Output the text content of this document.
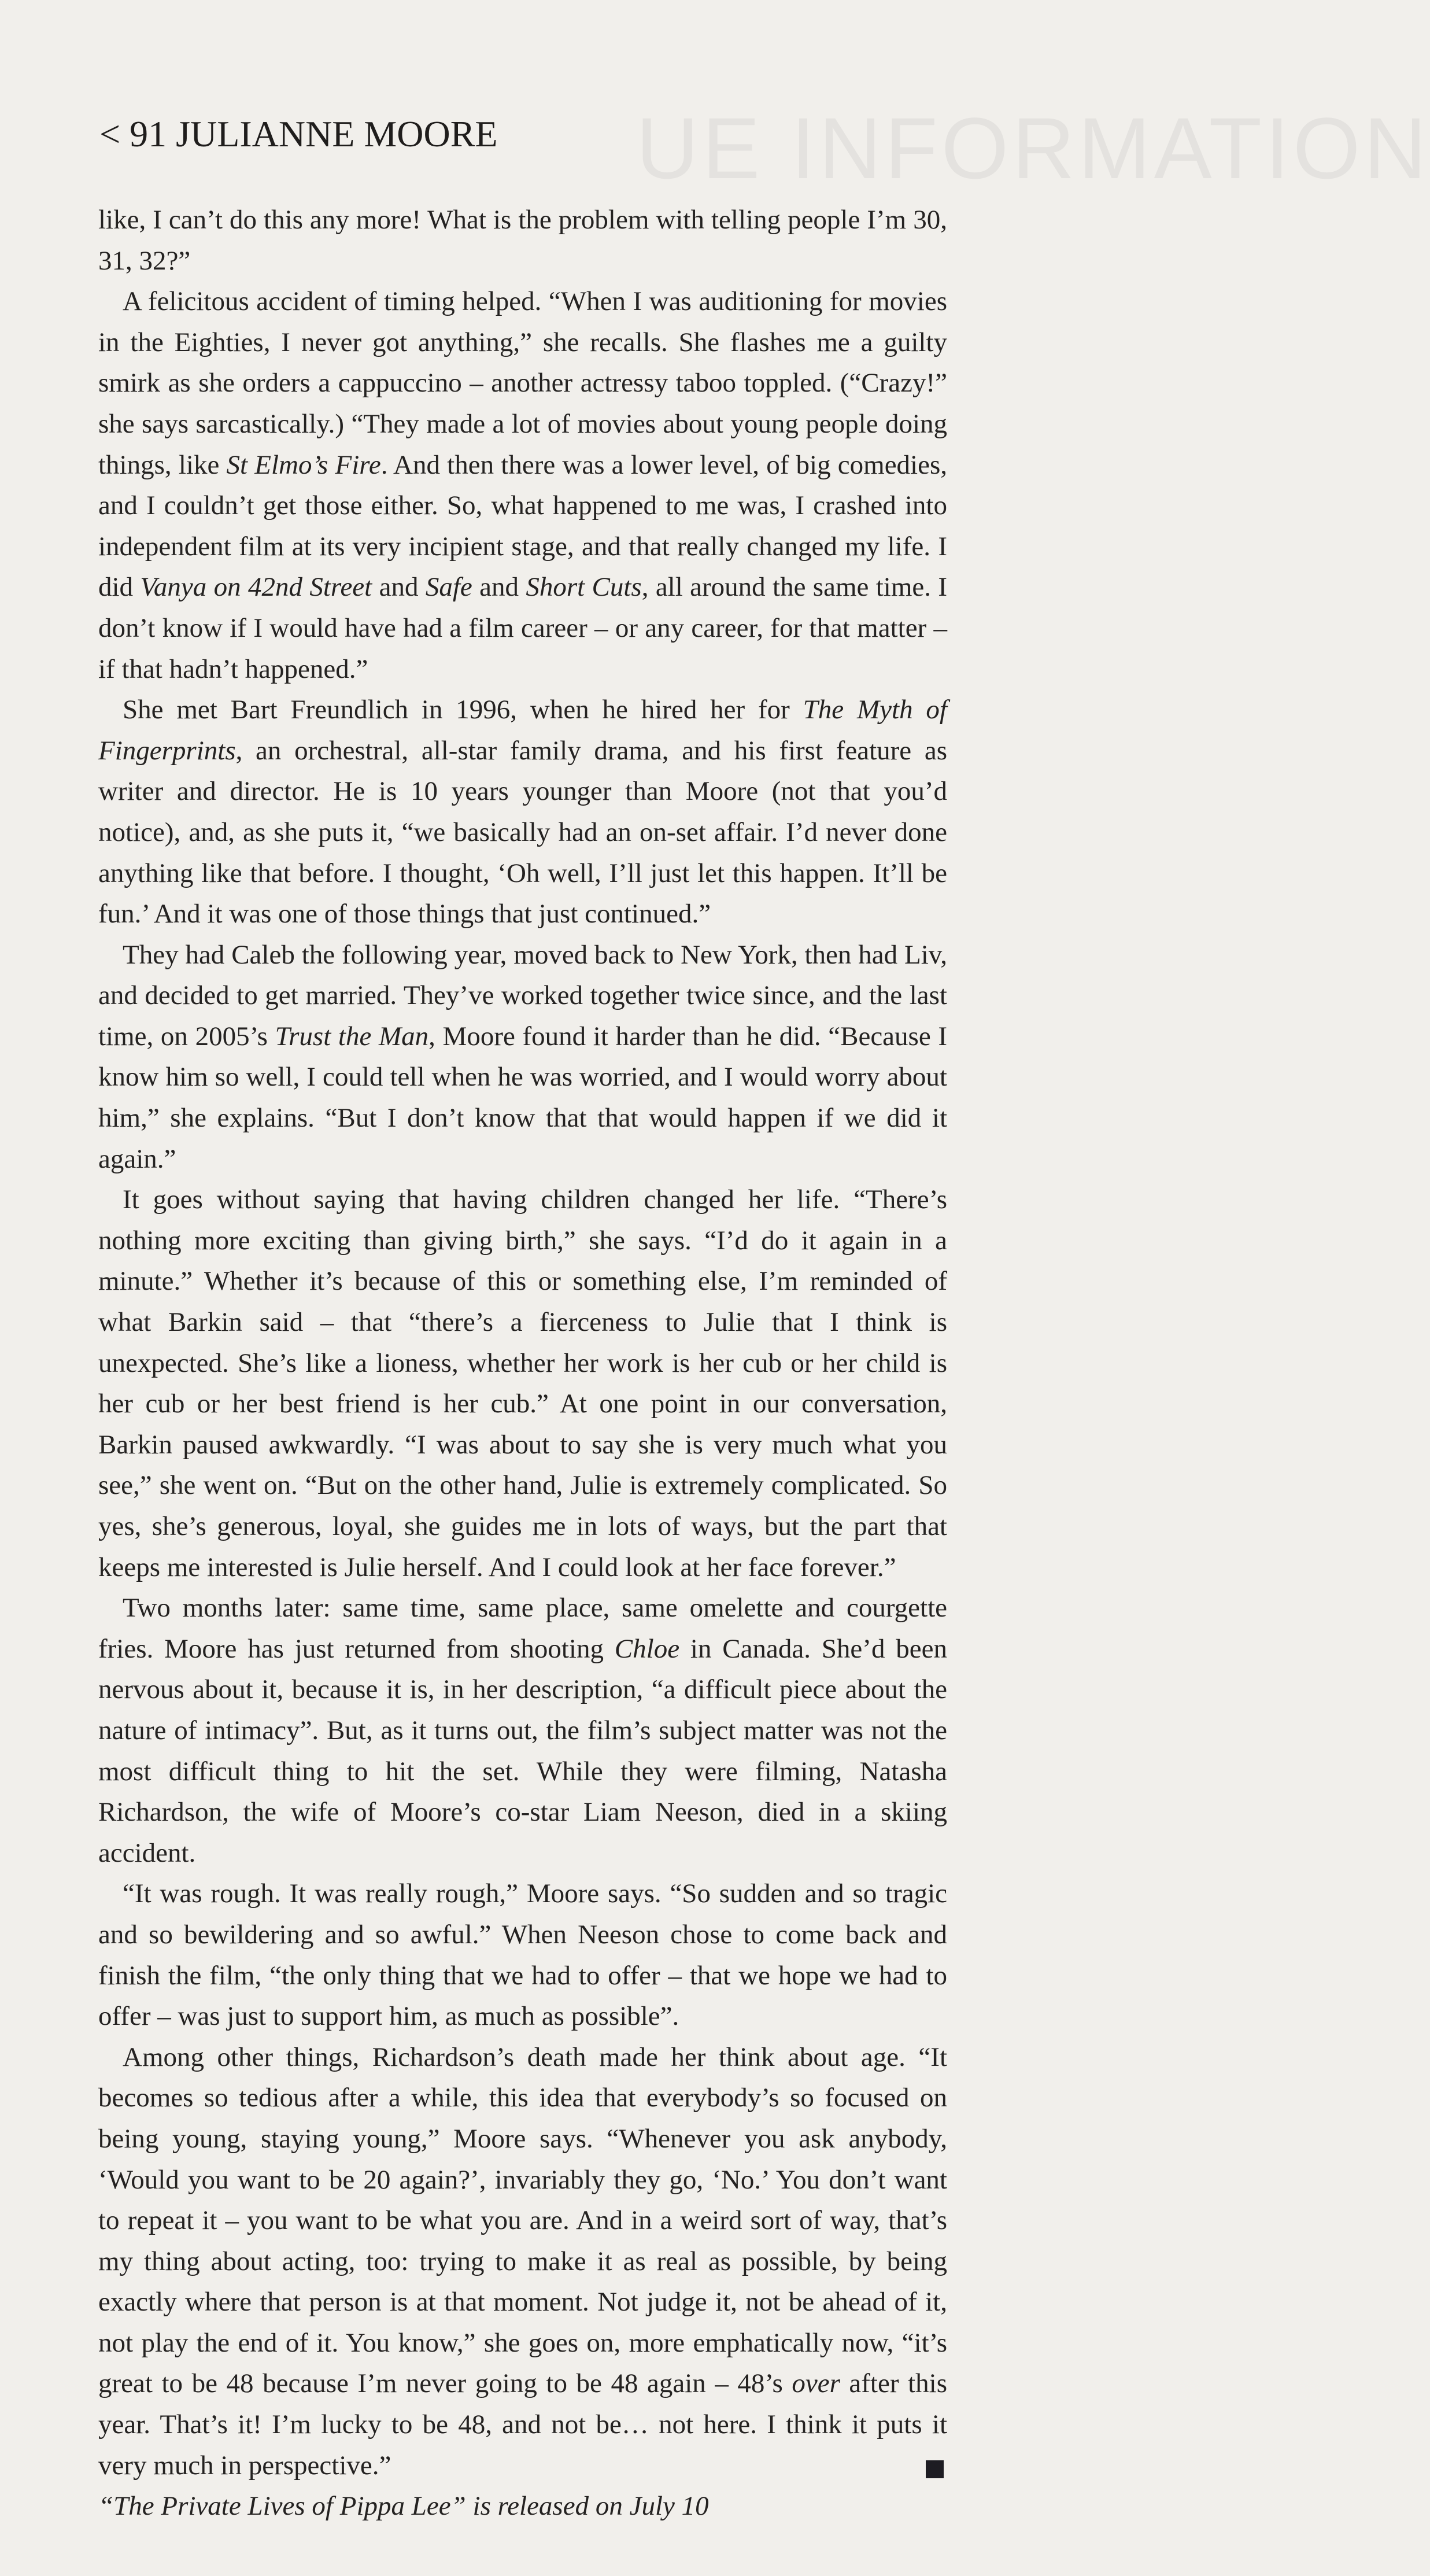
UE INFORMATION
< 91 JULIANNE MOORE

like, I can’t do this any more! What is the problem with telling people I’m 30, 31, 32?”

A felicitous accident of timing helped. “When I was auditioning for movies in the Eighties, I never got anything,” she recalls. She flashes me a guilty smirk as she orders a cappuccino – another actressy taboo toppled. (“Crazy!” she says sarcastically.) “They made a lot of movies about young people doing things, like St Elmo’s Fire. And then there was a lower level, of big comedies, and I couldn’t get those either. So, what happened to me was, I crashed into independent film at its very incipient stage, and that really changed my life. I did Vanya on 42nd Street and Safe and Short Cuts, all around the same time. I don’t know if I would have had a film career – or any career, for that matter – if that hadn’t happened.”

She met Bart Freundlich in 1996, when he hired her for The Myth of Fingerprints, an orchestral, all-star family drama, and his first feature as writer and director. He is 10 years younger than Moore (not that you’d notice), and, as she puts it, “we basically had an on-set affair. I’d never done anything like that before. I thought, ‘Oh well, I’ll just let this happen. It’ll be fun.’ And it was one of those things that just continued.”

They had Caleb the following year, moved back to New York, then had Liv, and decided to get married. They’ve worked together twice since, and the last time, on 2005’s Trust the Man, Moore found it harder than he did. “Because I know him so well, I could tell when he was worried, and I would worry about him,” she explains. “But I don’t know that that would happen if we did it again.”

It goes without saying that having children changed her life. “There’s nothing more exciting than giving birth,” she says. “I’d do it again in a minute.” Whether it’s because of this or something else, I’m reminded of what Barkin said – that “there’s a fierceness to Julie that I think is unexpected. She’s like a lioness, whether her work is her cub or her child is her cub or her best friend is her cub.” At one point in our conversation, Barkin paused awkwardly. “I was about to say she is very much what you see,” she went on. “But on the other hand, Julie is extremely complicated. So yes, she’s generous, loyal, she guides me in lots of ways, but the part that keeps me interested is Julie herself. And I could look at her face forever.”

Two months later: same time, same place, same omelette and courgette fries. Moore has just returned from shooting Chloe in Canada. She’d been nervous about it, because it is, in her description, “a difficult piece about the nature of intimacy”. But, as it turns out, the film’s subject matter was not the most difficult thing to hit the set. While they were filming, Natasha Richardson, the wife of Moore’s co-star Liam Neeson, died in a skiing accident.

“It was rough. It was really rough,” Moore says. “So sudden and so tragic and so bewildering and so awful.” When Neeson chose to come back and finish the film, “the only thing that we had to offer – that we hope we had to offer – was just to support him, as much as possible”.

Among other things, Richardson’s death made her think about age. “It becomes so tedious after a while, this idea that everybody’s so focused on being young, staying young,” Moore says. “Whenever you ask anybody, ‘Would you want to be 20 again?’, invariably they go, ‘No.’ You don’t want to repeat it – you want to be what you are. And in a weird sort of way, that’s my thing about acting, too: trying to make it as real as possible, by being exactly where that person is at that moment. Not judge it, not be ahead of it, not play the end of it. You know,” she goes on, more emphatically now, “it’s great to be 48 because I’m never going to be 48 again – 48’s over after this year. That’s it! I’m lucky to be 48, and not be… not here. I think it puts it very much in perspective.”

“The Private Lives of Pippa Lee” is released on July 10
